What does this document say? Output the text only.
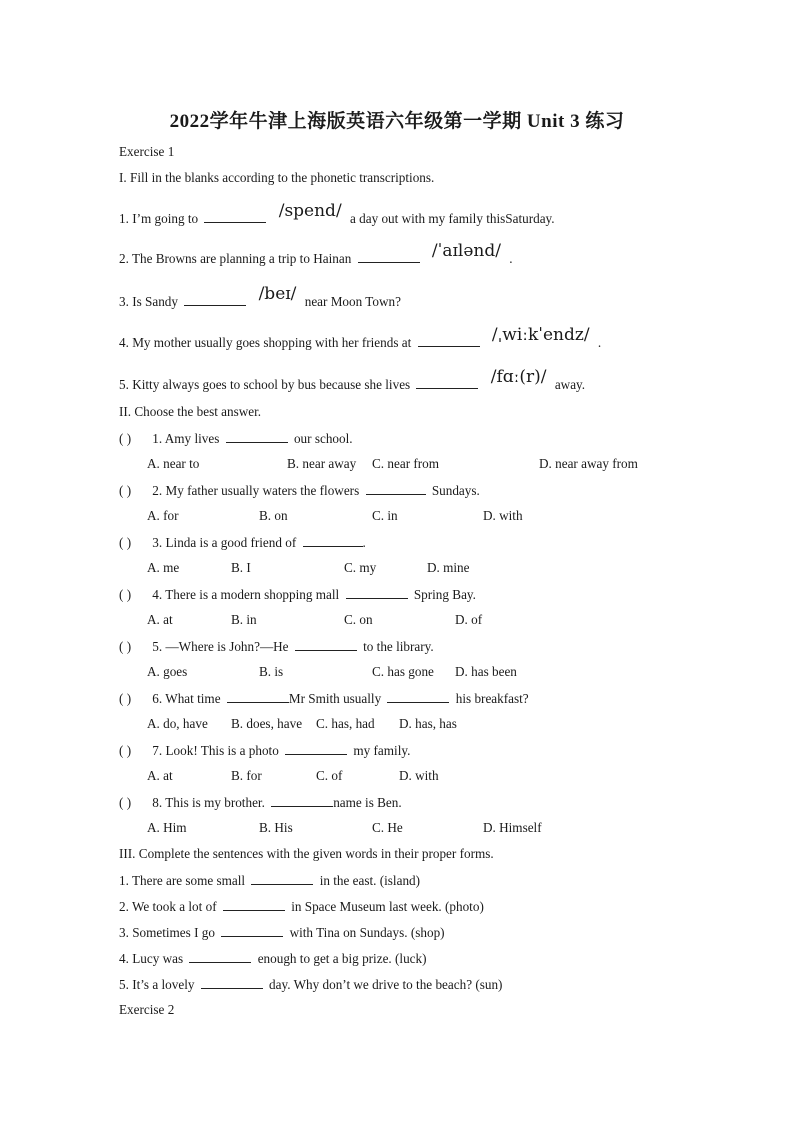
2022学年牛津上海版英语六年级第一学期 Unit 3 练习
Exercise 1
I. Fill in the blanks according to the phonetic transcriptions.
1. I’m going to	/spend/ a day out with my family thisSaturday.
2. The Browns are planning a trip to Hainan	/ˈaɪlənd/ .
3. Is Sandy	/beɪ/ near Moon Town?
4. My mother usually goes shopping with her friends at	/ˌwiːkˈendz/ .
5. Kitty always goes to school by bus because she lives	/fɑː(r)/ away.
II. Choose the best answer.
( ) 1. Amy lives	our school.
A. near to	B. near away C. near from	D. near away from
( ) 2. My father usually waters the flowers	Sundays.
A. for	B. on	C. in	D. with
( ) 3. Linda is a good friend of	.
A. me	B. I	C. my	D. mine
( ) 4. There is a modern shopping mall	Spring Bay.
A. at	B. in	C. on	D. of
( ) 5. —Where is John?—He	to the library.
A. goes	B. is	C. has gone D. has been
( ) 6. What time	Mr Smith usually	his breakfast?
A. do, have B. does, have C. has, had D. has, has
( ) 7. Look! This is a photo	my family.
A. at	B. for	C. of	D. with
( ) 8. This is my brother.	name is Ben.
A. Him	B. His	C. He	D. Himself
III. Complete the sentences with the given words in their proper forms.
1. There are some small	in the east. (island)
2. We took a lot of	in Space Museum last week. (photo)
3. Sometimes I go	with Tina on Sundays. (shop)
4. Lucy was	enough to get a big prize. (luck)
5. It’s a lovely	day. Why don’t we drive to the beach? (sun)
Exercise 2
